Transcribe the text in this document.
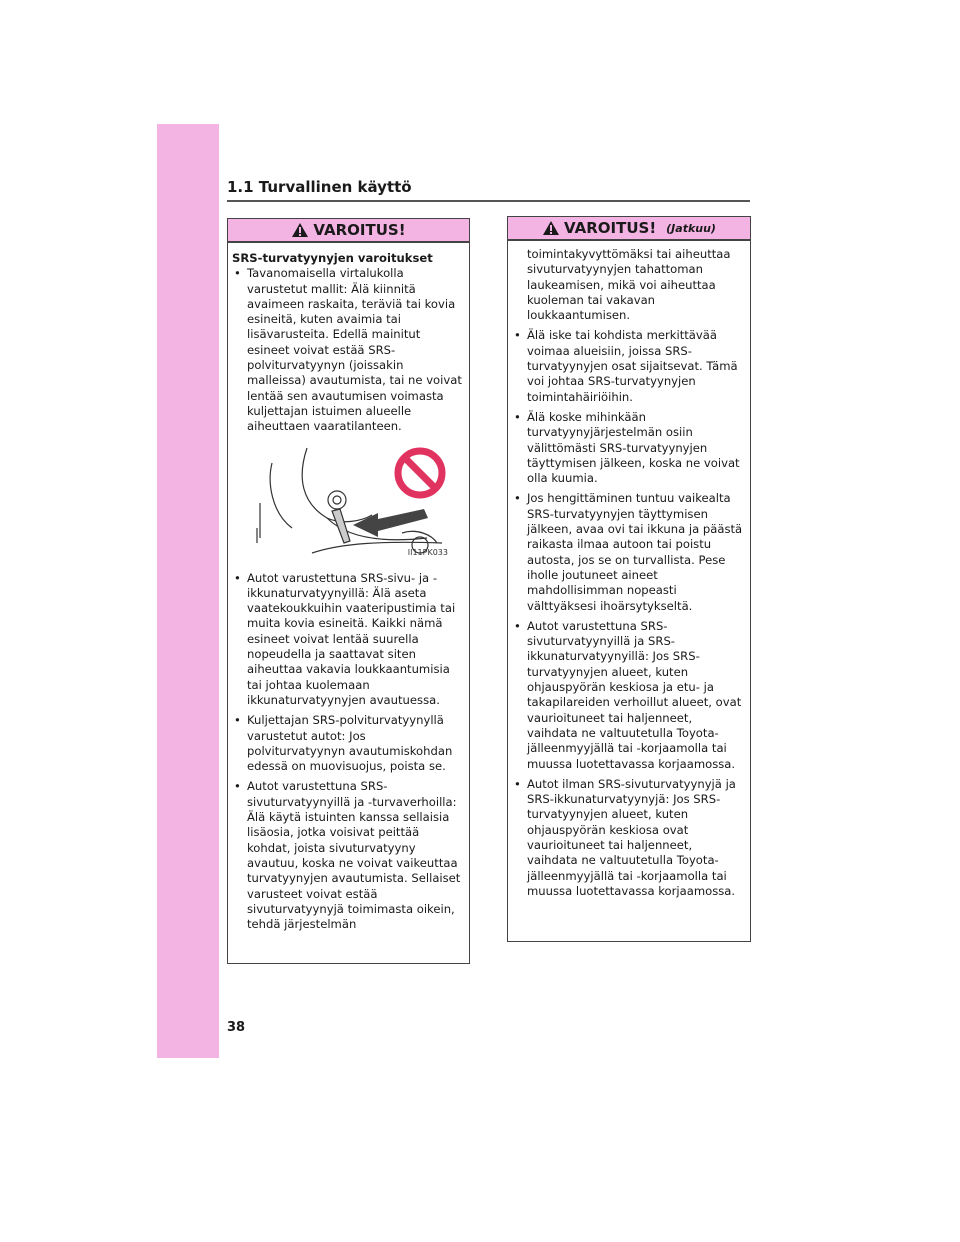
1.1 Turvallinen käyttö
VAROITUS!
SRS-turvatyynyjen varoitukset
• Tavanomaisella virtalukolla varustetut mallit: Älä kiinnitä avaimeen raskaita, teräviä tai kovia esineitä, kuten avaimia tai lisävarusteita. Edellä mainitut esineet voivat estää SRS-polviturvatyynyn (joissakin malleissa) avautumista, tai ne voivat lentää sen avautumisen voimasta kuljettajan istuimen alueelle aiheuttaen vaaratilanteen.
II11PK033
• Autot varustettuna SRS-sivu- ja -ikkunaturvatyynyillä: Älä aseta vaatekoukkuihin vaateripustimia tai muita kovia esineitä. Kaikki nämä esineet voivat lentää suurella nopeudella ja saattavat siten aiheuttaa vakavia loukkaantumisia tai johtaa kuolemaan ikkunaturvatyynyjen avautuessa.
• Kuljettajan SRS-polviturvatyynyllä varustetut autot: Jos polviturvatyynyn avautumiskohdan edessä on muovisuojus, poista se.
• Autot varustettuna SRS-sivuturvatyynyillä ja -turvaverhoilla: Älä käytä istuinten kanssa sellaisia lisäosia, jotka voisivat peittää kohdat, joista sivuturvatyyny avautuu, koska ne voivat vaikeuttaa turvatyynyjen avautumista. Sellaiset varusteet voivat estää sivuturvatyynyjä toimimasta oikein, tehdä järjestelmän
VAROITUS! (Jatkuu)
toimintakyvyttömäksi tai aiheuttaa sivuturvatyynyjen tahattoman laukeamisen, mikä voi aiheuttaa kuoleman tai vakavan loukkaantumisen.
• Älä iske tai kohdista merkittävää voimaa alueisiin, joissa SRS-turvatyynyjen osat sijaitsevat. Tämä voi johtaa SRS-turvatyynyjen toimintahäiriöihin.
• Älä koske mihinkään turvatyynyjärjestelmän osiin välittömästi SRS-turvatyynyjen täyttymisen jälkeen, koska ne voivat olla kuumia.
• Jos hengittäminen tuntuu vaikealta SRS-turvatyynyjen täyttymisen jälkeen, avaa ovi tai ikkuna ja päästä raikasta ilmaa autoon tai poistu autosta, jos se on turvallista. Pese iholle joutuneet aineet mahdollisimman nopeasti välttyäksesi ihoärsytykseltä.
• Autot varustettuna SRS-sivuturvatyynyillä ja SRS-ikkunaturvatyynyillä: Jos SRS-turvatyynyjen alueet, kuten ohjauspyörän keskiosa ja etu- ja takapilareiden verhoillut alueet, ovat vaurioituneet tai haljenneet, vaihdata ne valtuutetulla Toyota-jälleenmyyjällä tai -korjaamolla tai muussa luotettavassa korjaamossa.
• Autot ilman SRS-sivuturvatyynyjä ja SRS-ikkunaturvatyynyjä: Jos SRS-turvatyynyjen alueet, kuten ohjauspyörän keskiosa ovat vaurioituneet tai haljenneet, vaihdata ne valtuutetulla Toyota-jälleenmyyjällä tai -korjaamolla tai muussa luotettavassa korjaamossa.
38
